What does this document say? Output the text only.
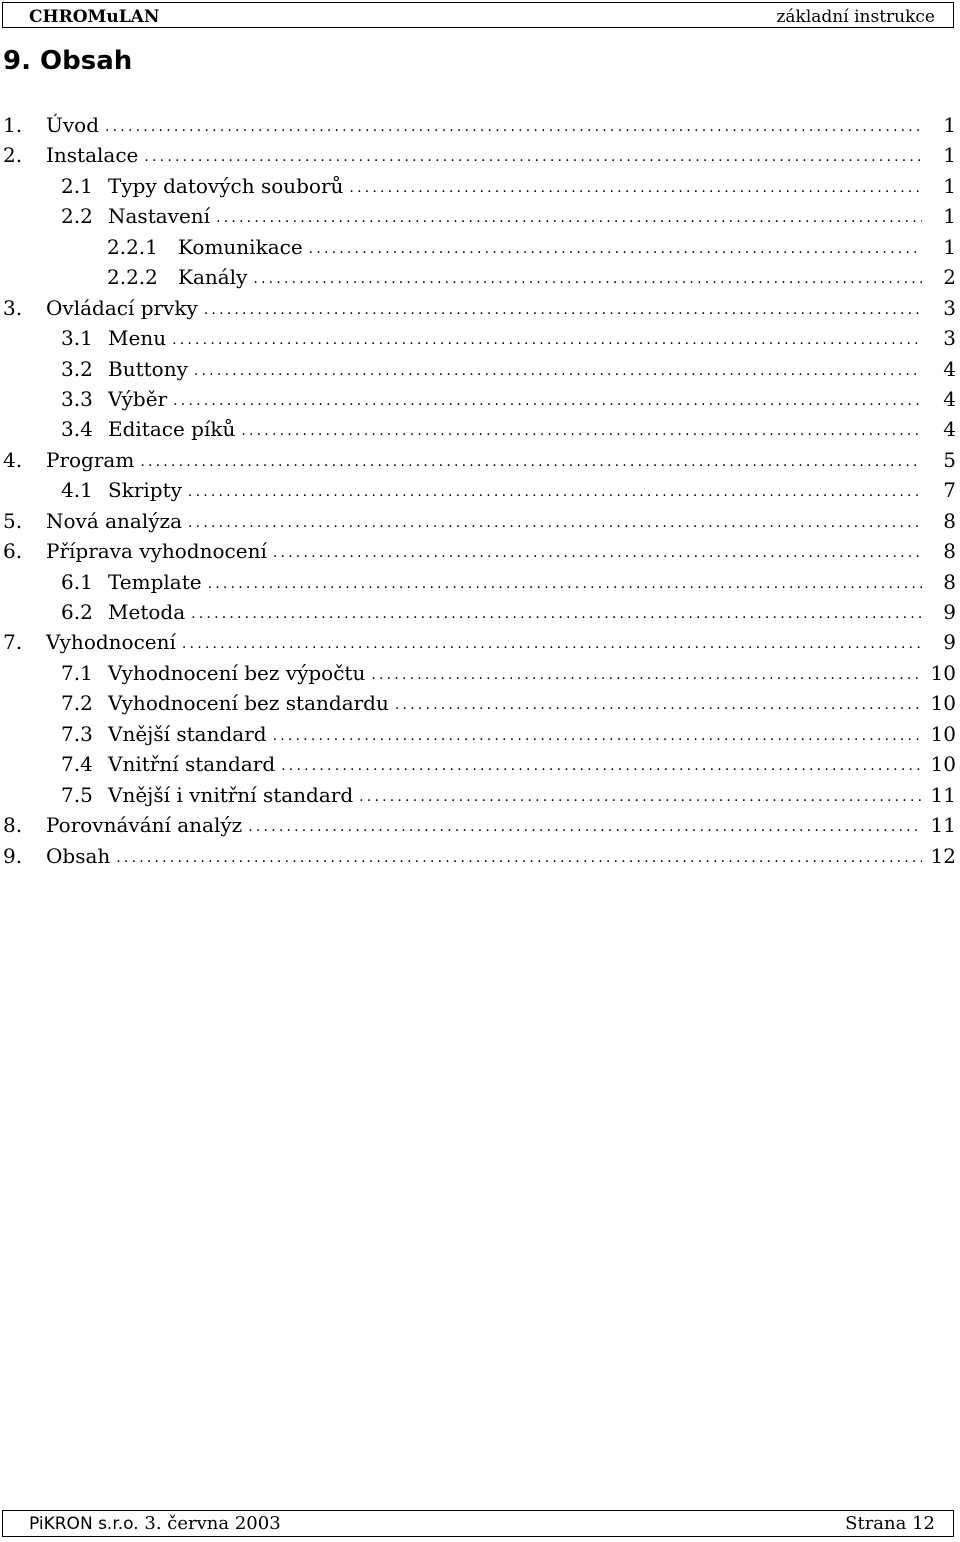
CHROMuLAN	základní instrukce
9. Obsah
1.	Úvod .....	1
2.	Instalace .....	1
2.1 Typy datových souborů .....	1
2.2 Nastavení .....	1
2.2.1	Komunikace .....	1
2.2.2	Kanály .....	2
3.	Ovládací prvky .....	3
3.1 Menu .....	3
3.2 Buttony .....	4
3.3 Výběr .....	4
3.4 Editace píků .....	4
4.	Program .....	5
4.1 Skripty .....	7
5.	Nová analýza .....	8
6.	Příprava vyhodnocení .....	8
6.1 Template .....	8
6.2 Metoda .....	9
7.	Vyhodnocení .....	9
7.1 Vyhodnocení bez výpočtu .....	10
7.2 Vyhodnocení bez standardu .....	10
7.3 Vnější standard .....	10
7.4 Vnitřní standard .....	10
7.5 Vnější i vnitřní standard .....	11
8.	Porovnávání analýz .....	11
9.	Obsah .....	12
PiKRON s.r.o. 3. června 2003	Strana 12
